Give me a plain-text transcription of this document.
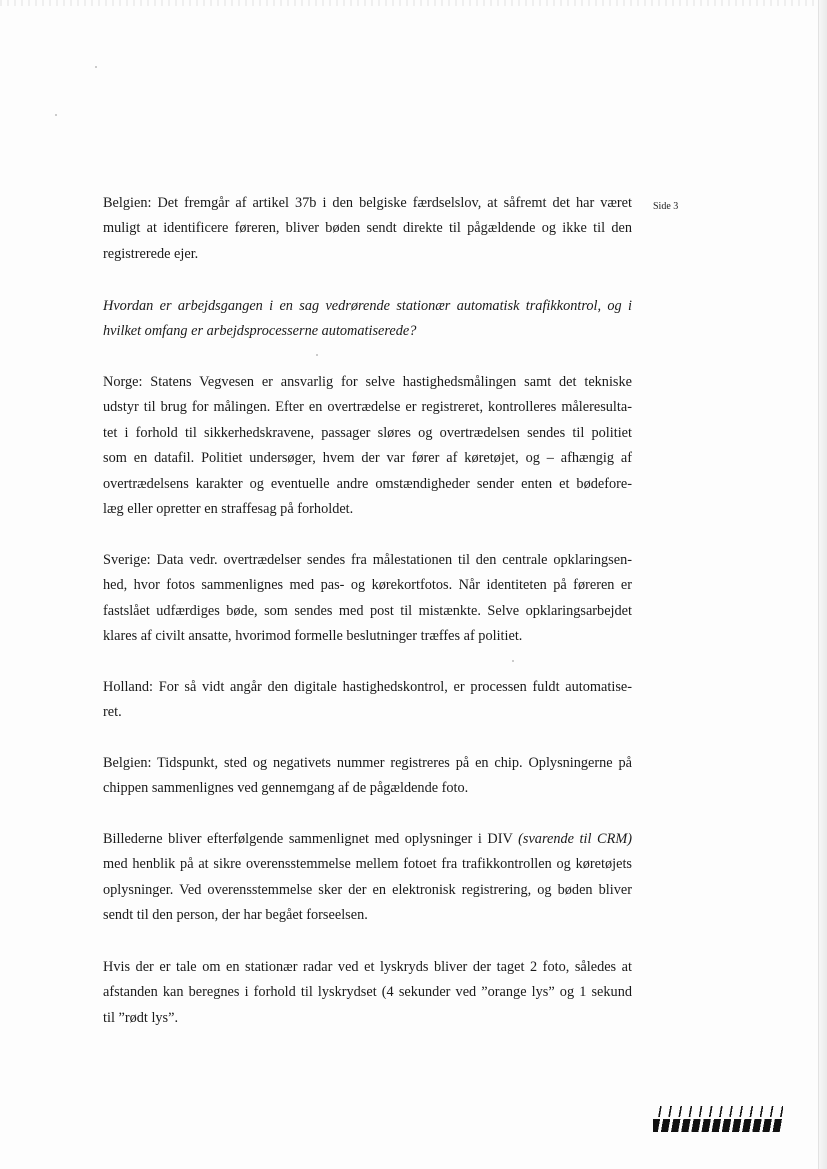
Side 3

Belgien: Det fremgår af artikel 37b i den belgiske færdselslov, at såfremt det har været
muligt at identificere føreren, bliver bøden sendt direkte til pågældende og ikke til den
registrerede ejer.

Hvordan er arbejdsgangen i en sag vedrørende stationær automatisk trafikkontrol, og i
hvilket omfang er arbejdsprocesserne automatiserede?

Norge: Statens Vegvesen er ansvarlig for selve hastighedsmålingen samt det tekniske
udstyr til brug for målingen. Efter en overtrædelse er registreret, kontrolleres måleresulta-
tet i forhold til sikkerhedskravene, passager sløres og overtrædelsen sendes til politiet
som en datafil. Politiet undersøger, hvem der var fører af køretøjet, og – afhængig af
overtrædelsens karakter og eventuelle andre omstændigheder sender enten et bødefore-
læg eller opretter en straffesag på forholdet.

Sverige: Data vedr. overtrædelser sendes fra målestationen til den centrale opklaringsen-
hed, hvor fotos sammenlignes med pas- og kørekortfotos. Når identiteten på føreren er
fastslået udfærdiges bøde, som sendes med post til mistænkte. Selve opklaringsarbejdet
klares af civilt ansatte, hvorimod formelle beslutninger træffes af politiet.

Holland: For så vidt angår den digitale hastighedskontrol, er processen fuldt automatise-
ret.

Belgien: Tidspunkt, sted og negativets nummer registreres på en chip. Oplysningerne på
chippen sammenlignes ved gennemgang af de pågældende foto.

Billederne bliver efterfølgende sammenlignet med oplysninger i DIV (svarende til CRM)
med henblik på at sikre overensstemmelse mellem fotoet fra trafikkontrollen og køretøjets
oplysninger. Ved overensstemmelse sker der en elektronisk registrering, og bøden bliver
sendt til den person, der har begået forseelsen.

Hvis der er tale om en stationær radar ved et lyskryds bliver der taget 2 foto, således at
afstanden kan beregnes i forhold til lyskrydset (4 sekunder ved ”orange lys” og 1 sekund
til ”rødt lys”.
